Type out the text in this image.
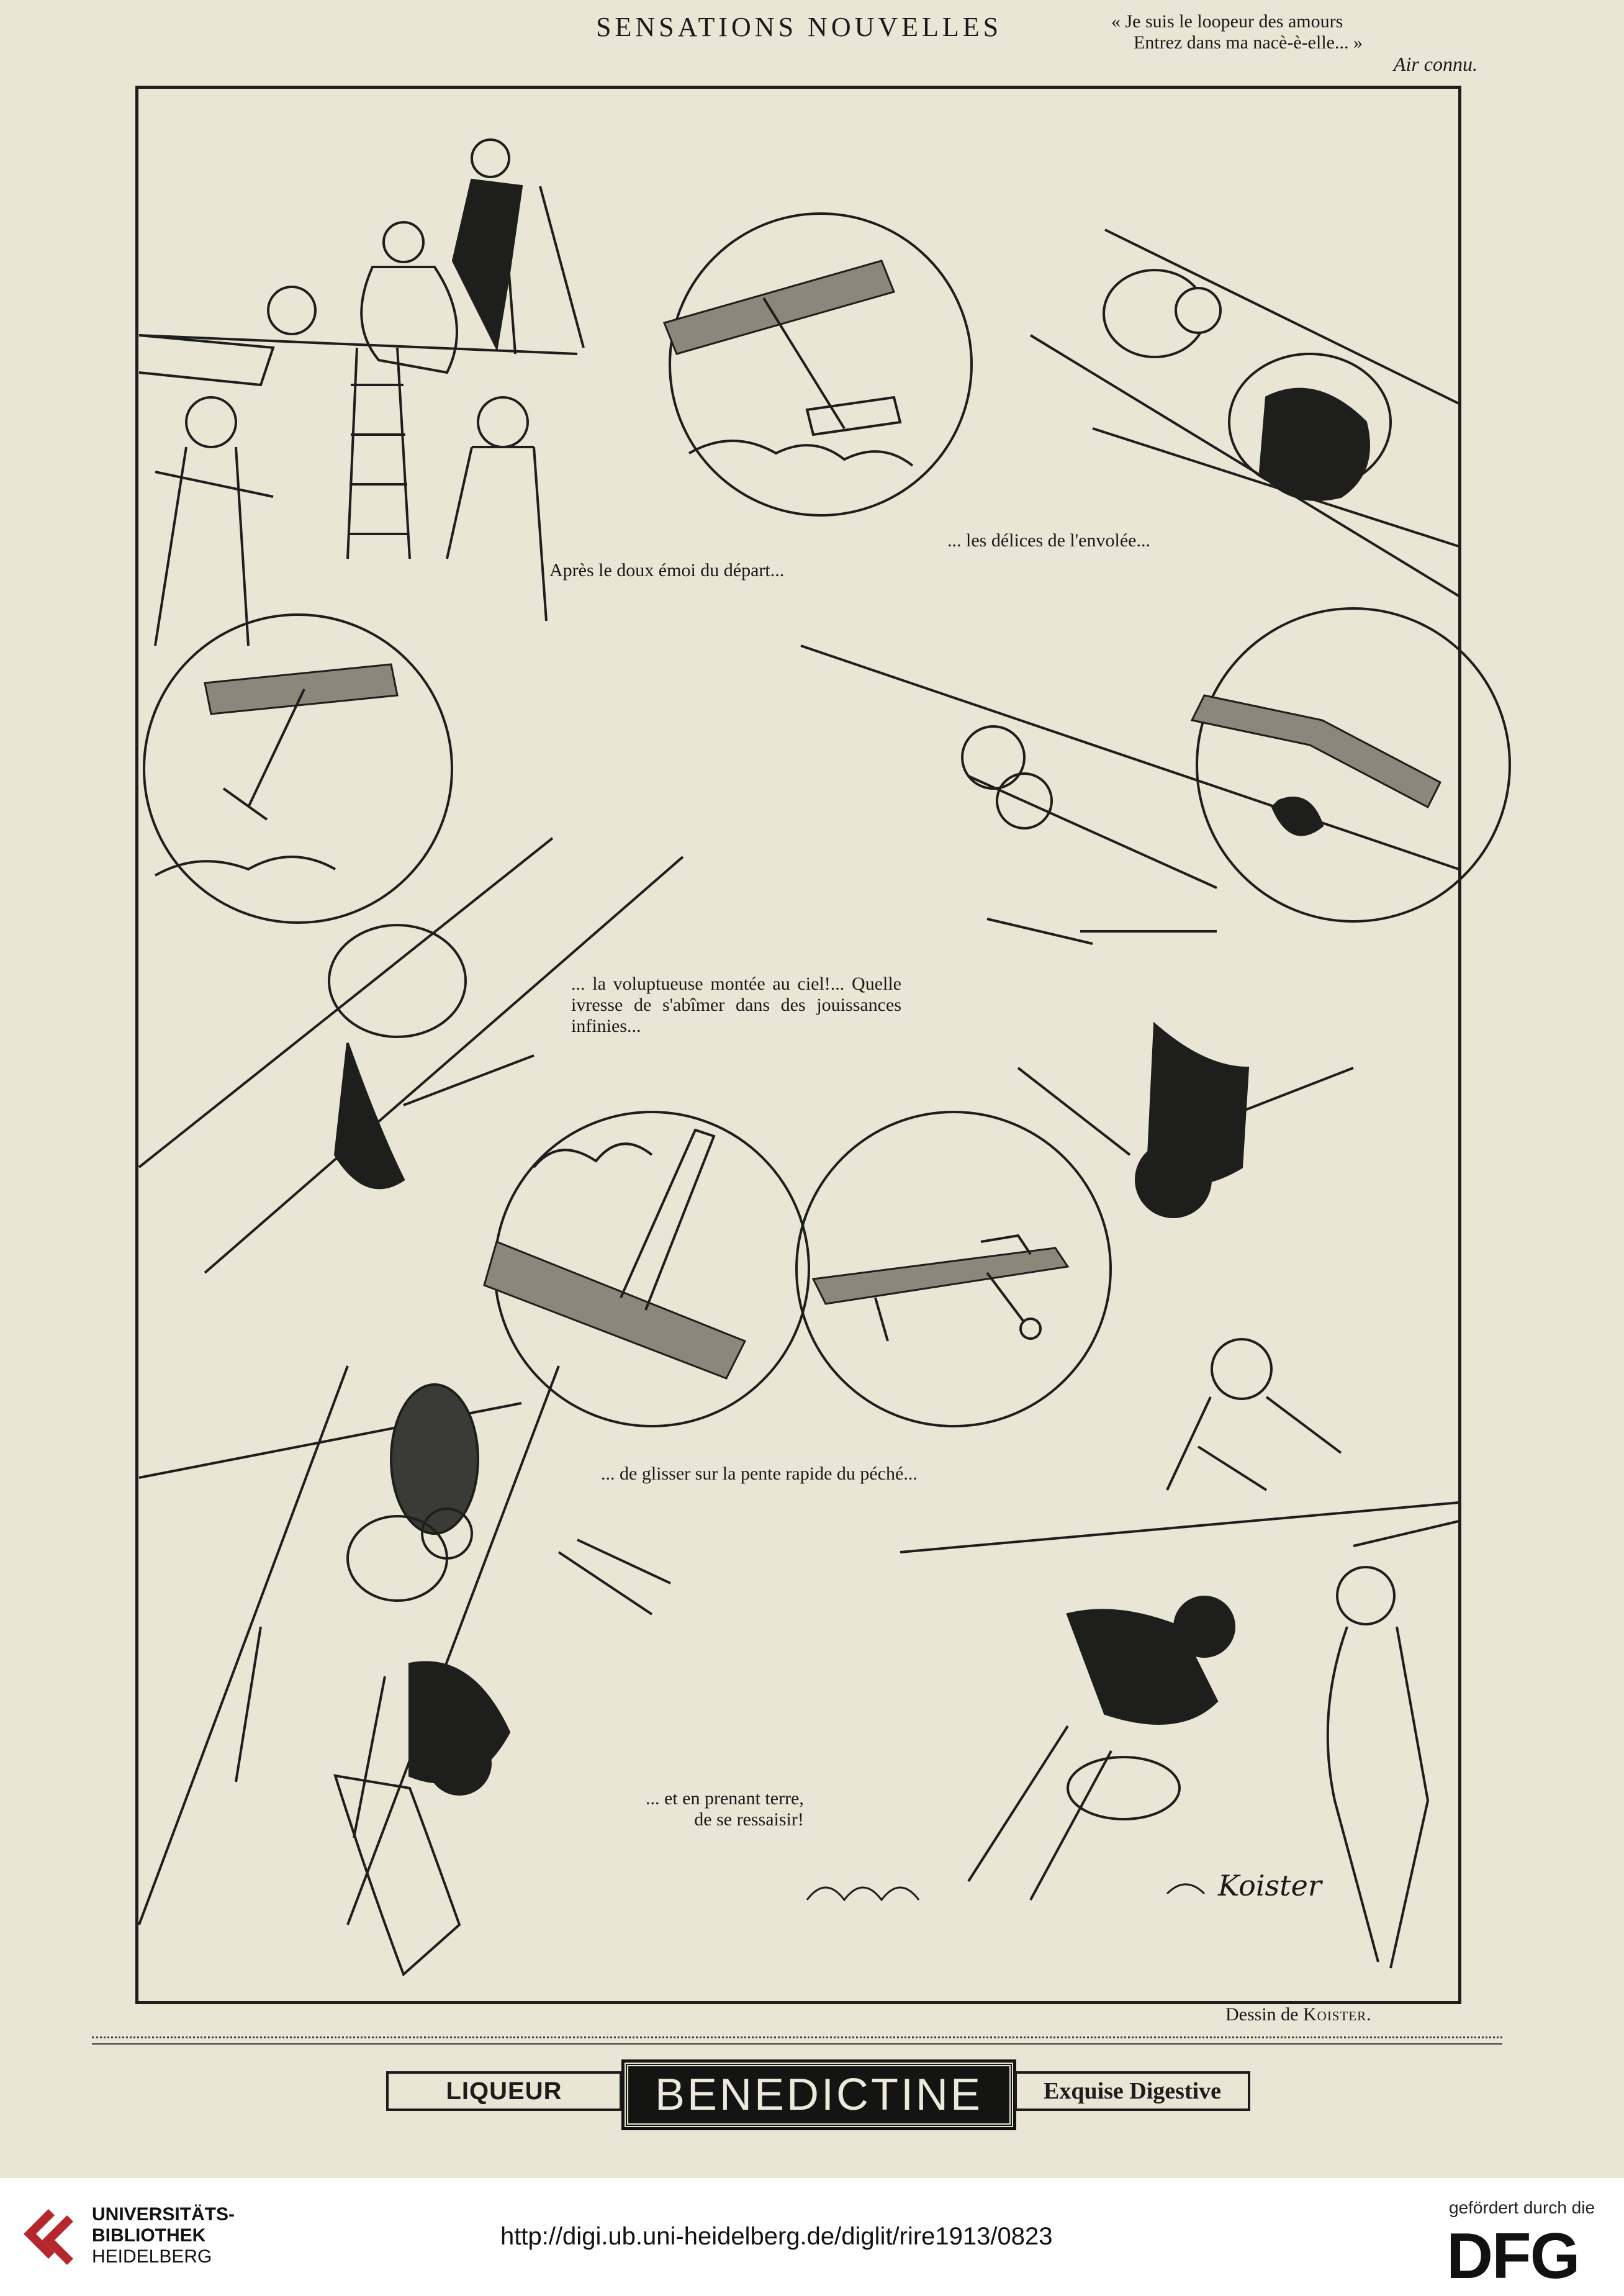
SENSATIONS NOUVELLES	« Je suis le loopeur des amours
Entrez dans ma nacè-è-elle... »
Air connu.
Après le doux émoi du départ...
... les délices de l'envolée...
... la voluptueuse montée au ciel!... Quelle ivresse de s'abîmer dans des jouissances infinies...
... de glisser sur la pente rapide du péché...
... et en prenant terre,
de se ressaisir!
Koister
Dessin de Koister.
LIQUEUR	BENEDICTINE	Exquise Digestive
UNIVERSITÄTS-
BIBLIOTHEK
HEIDELBERG
http://digi.ub.uni-heidelberg.de/diglit/rire1913/0823
gefördert durch die
DFG
